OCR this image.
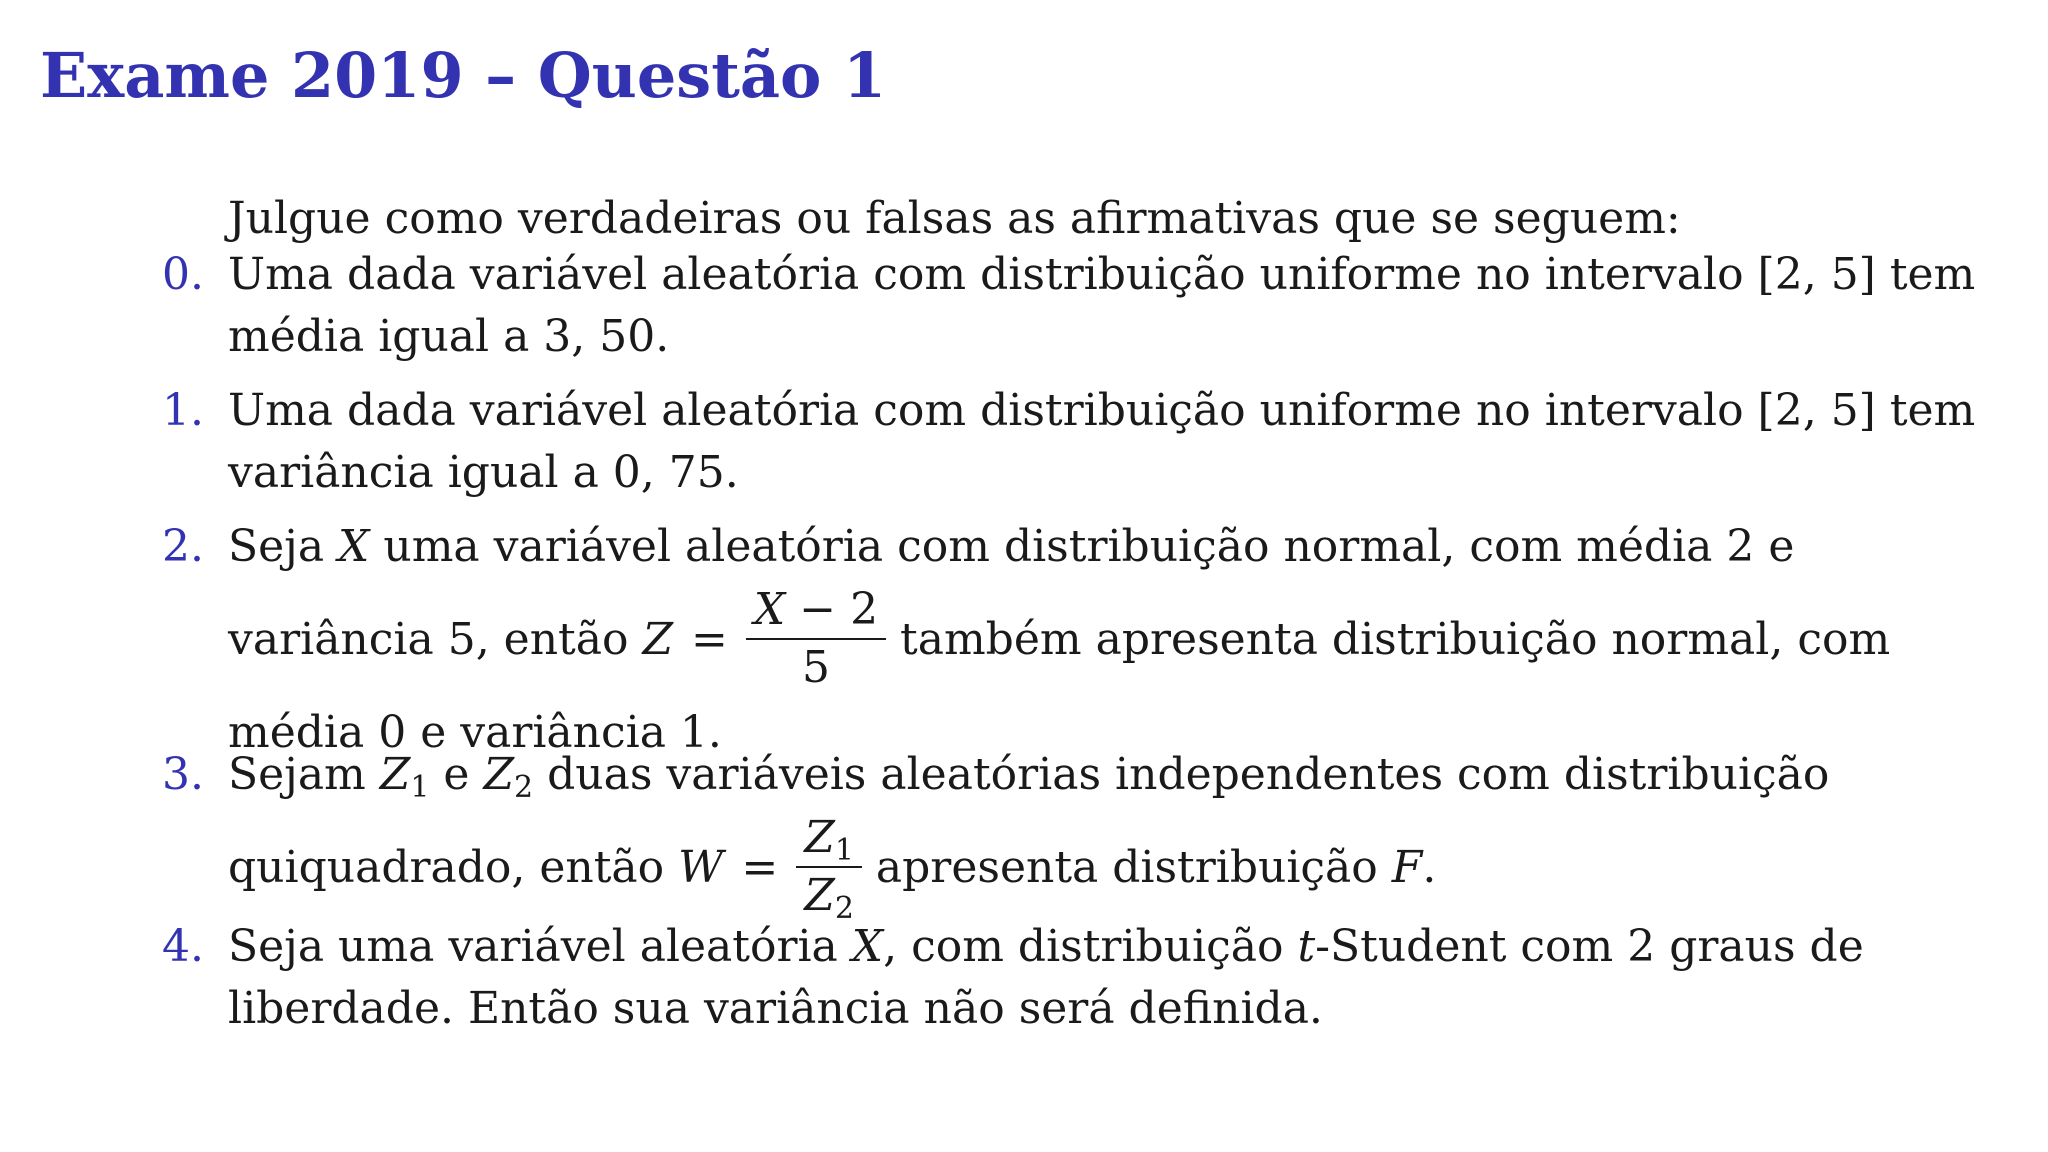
Exame 2019 – Questão 1

Julgue como verdadeiras ou falsas as afirmativas que se seguem:

0. Uma dada variável aleatória com distribuição uniforme no intervalo [2, 5] tem
média igual a 3, 50.
1. Uma dada variável aleatória com distribuição uniforme no intervalo [2, 5] tem
variância igual a 0, 75.
2. Seja X uma variável aleatória com distribuição normal, com média 2 e
variância 5, então $Z = \frac{X - 2}{5}$ também apresenta distribuição normal, com
média 0 e variância 1.
3. Sejam $Z_1$ e $Z_2$ duas variáveis aleatórias independentes com distribuição
quiquadrado, então $W = \frac{Z_1}{Z_2}$ apresenta distribuição F.
4. Seja uma variável aleatória X, com distribuição t-Student com 2 graus de
liberdade. Então sua variância não será definida.
